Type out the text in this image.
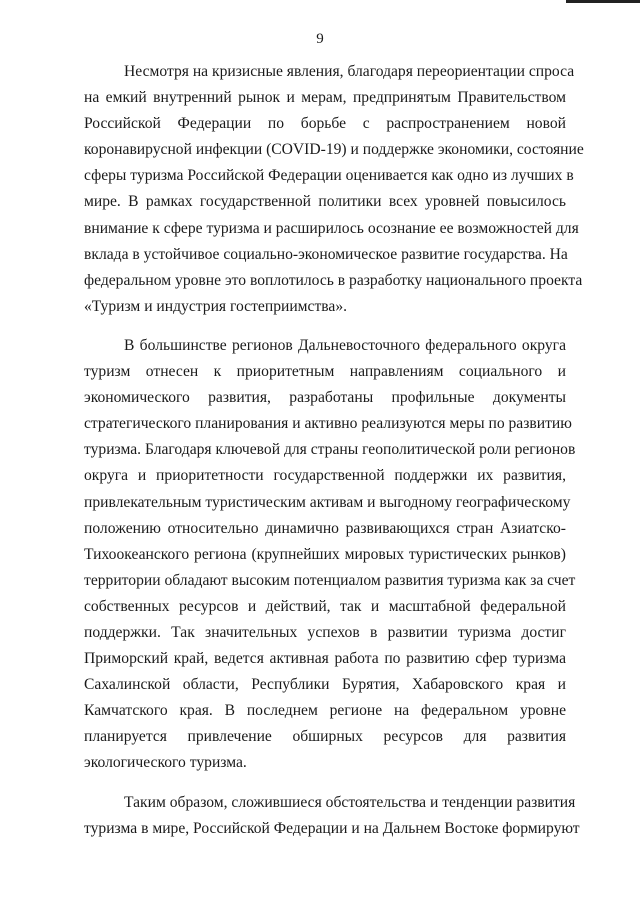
9
Несмотря на кризисные явления, благодаря переориентации спроса
на емкий внутренний рынок и мерам, предпринятым Правительством
Российской Федерации по борьбе с распространением новой
коронавирусной инфекции (COVID-19) и поддержке экономики, состояние
сферы туризма Российской Федерации оценивается как одно из лучших в
мире. В рамках государственной политики всех уровней повысилось
внимание к сфере туризма и расширилось осознание ее возможностей для
вклада в устойчивое социально-экономическое развитие государства. На
федеральном уровне это воплотилось в разработку национального проекта
«Туризм и индустрия гостеприимства».
В большинстве регионов Дальневосточного федерального округа
туризм отнесен к приоритетным направлениям социального и
экономического развития, разработаны профильные документы
стратегического планирования и активно реализуются меры по развитию
туризма. Благодаря ключевой для страны геополитической роли регионов
округа и приоритетности государственной поддержки их развития,
привлекательным туристическим активам и выгодному географическому
положению относительно динамично развивающихся стран Азиатско-
Тихоокеанского региона (крупнейших мировых туристических рынков)
территории обладают высоким потенциалом развития туризма как за счет
собственных ресурсов и действий, так и масштабной федеральной
поддержки. Так значительных успехов в развитии туризма достиг
Приморский край, ведется активная работа по развитию сфер туризма
Сахалинской области, Республики Бурятия, Хабаровского края и
Камчатского края. В последнем регионе на федеральном уровне
планируется привлечение обширных ресурсов для развития
экологического туризма.
Таким образом, сложившиеся обстоятельства и тенденции развития
туризма в мире, Российской Федерации и на Дальнем Востоке формируют
